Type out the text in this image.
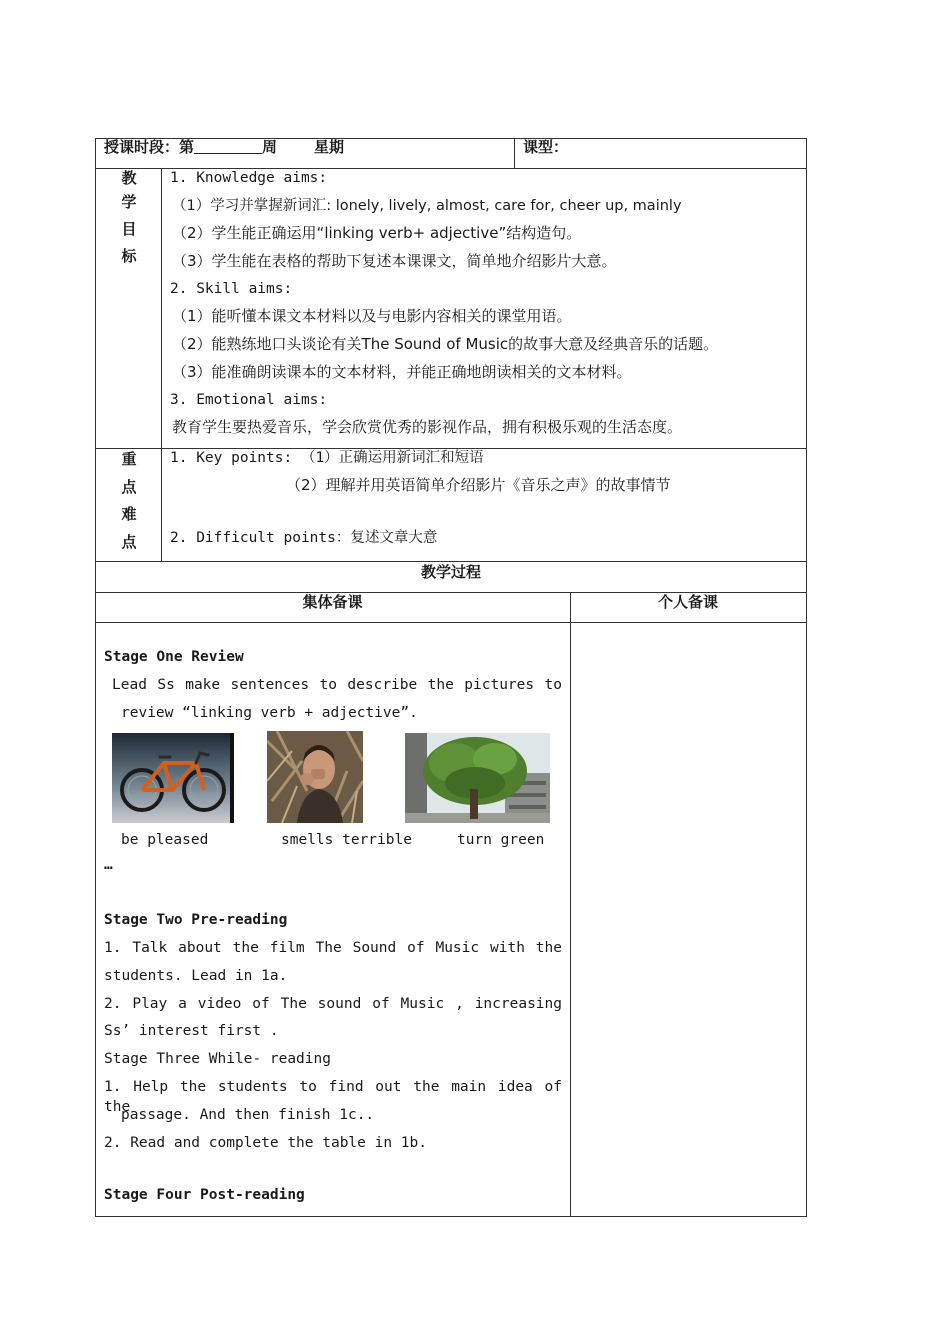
授课时段：第	周 星期	课型：
教
学
目
标
1. Knowledge aims:
（1）学习并掌握新词汇: lonely, lively, almost, care for, cheer up, mainly
（2）学生能正确运用“linking verb+ adjective”结构造句。
（3）学生能在表格的帮助下复述本课课文，简单地介绍影片大意。
2. Skill aims:
（1）能听懂本课文本材料以及与电影内容相关的课堂用语。
（2）能熟练地口头谈论有关The Sound of Music的故事大意及经典音乐的话题。
（3）能准确朗读课本的文本材料，并能正确地朗读相关的文本材料。
3. Emotional aims:
教育学生要热爱音乐，学会欣赏优秀的影视作品，拥有积极乐观的生活态度。
重
点
难
点
1. Key points: （1）正确运用新词汇和短语
（2）理解并用英语简单介绍影片《音乐之声》的故事情节
2. Difficult points：复述文章大意
教学过程
集体备课	个人备课
Stage One Review
Lead Ss make sentences to describe the pictures to
review “linking verb + adjective”.
be pleased	smells terrible	turn green
…
Stage Two Pre-reading
1. Talk about the film The Sound of Music with the
students. Lead in 1a.
2. Play a video of The sound of Music , increasing
Ss’ interest first .
Stage Three While- reading
1. Help the students to find out the main idea of the
passage. And then finish 1c..
2. Read and complete the table in 1b.
Stage Four Post-reading
